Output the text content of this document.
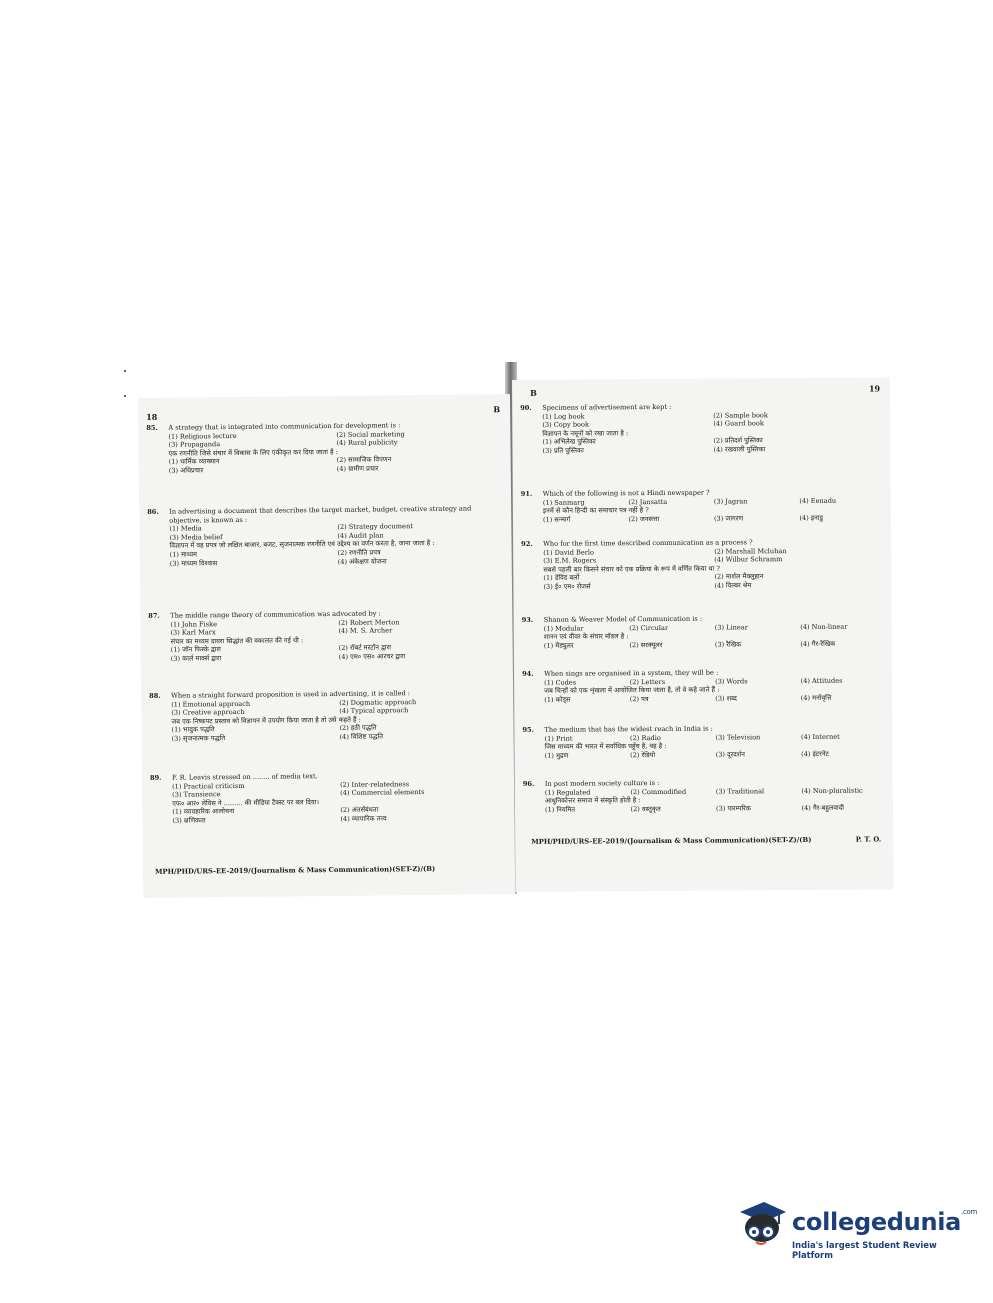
18
B
85.	A strategy that is integrated into communication for development is :
(1) Religious lecture	(2) Social marketing
(3) Propaganda	(4) Rural publicity
एक रणनीति जिसे संचार में विकास के लिए एकीकृत कर दिया जाता है :
(1) धार्मिक व्याख्यान	(2) सामाजिक विपणन
(3) अधिप्रचार	(4) ग्रामीण प्रचार
86.	In advertising a document that describes the target market, budget, creative strategy and objective, is known as :
(1) Media	(2) Strategy document
(3) Media belief	(4) Audit plan
विज्ञापन में वह प्रपत्र जो लक्षित बाजार, बजट, सृजनात्मक रणनीति एवं उद्देश्य का वर्णन करता है, जाना जाता है :
(1) माध्यम	(2) रणनीति प्रपत्र
(3) माध्यम विश्वास	(4) अंकेक्षण योजना
87.	The middle range theory of communication was advocated by :
(1) John Fiske	(2) Robert Merton
(3) Karl Marx	(4) M. S. Archer
संचार का मध्यम दायरा सिद्धांत की वकालत की गई थी :
(1) जॉन फिस्के द्वारा	(2) रॉबर्ट मरटॉन द्वारा
(3) कार्ल मार्क्स द्वारा	(4) एम० एस० आरचर द्वारा
88.	When a straight forward proposition is used in advertising, it is called :
(1) Emotional approach	(2) Dogmatic approach
(3) Creative approach	(4) Typical approach
जब एक निष्कपट प्रस्ताव को विज्ञापन में उपयोग किया जाता है तो उसे कहते हैं :
(1) भावुक पद्धति	(2) हठी पद्धति
(3) सृजनात्मक पद्धति	(4) विशिष्ट पद्धति
89.	F. R. Leavis stressed on ........ of media text.
(1) Practical criticism	(2) Inter-relatedness
(3) Transience	(4) Commercial elements
एफ० आर० लेविस ने ......... की मीडिया टैक्स्ट पर बल दिया।
(1) व्यावहारिक आलोचना	(2) अंतर्संबंधता
(3) क्षणिकता	(4) व्यापारिक तत्त्व
MPH/PHD/URS-EE-2019/(Journalism & Mass Communication)(SET-Z)/(B)
B	19
90.	Specimens of advertisement are kept :
(1) Log book	(2) Sample book
(3) Copy book	(4) Guard book
विज्ञापन के नमूनों को रखा जाता है :
(1) अभिलेख पुस्तिका	(2) प्रतिदर्श पुस्तिका
(3) प्रति पुस्तिका	(4) रखवाली पुस्तिका
91.	Which of the following is not a Hindi newspaper ?
(1) Sanmarg	(2) Jansatta	(3) Jagran	(4) Eenadu
इनमें से कौन हिन्दी का समाचार पत्र नहीं है ?
(1) सन्मार्ग	(2) जनसत्ता	(3) जागरण	(4) इनाडु
92.	Who for the first time described communication as a process ?
(1) David Berlo	(2) Marshall Mcluhan
(3) E.M. Rogers	(4) Wilbur Schramm
सबसे पहली बार किसने संचार को एक प्रक्रिया के रूप में वर्णित किया था ?
(1) डेविड बर्लो	(2) मार्शल मैक्लुहान
(3) ई० एम० रोजर्स	(4) विल्बर श्रेम
93.	Shanon & Weaver Model of Communication is :
(1) Modular	(2) Circular	(3) Linear	(4) Non-linear
शानन एवं वीवर के संचार मॉडल है :
(1) मैड्युलर	(2) सरक्यूलर	(3) रैखिक	(4) गैर-रैखिक
94.	When sings are organised in a system, they will be :
(1) Codes	(2) Letters	(3) Words	(4) Attitudes
जब चिन्हों को एक शृंखला में आयोजित किया जाता है, तो वे कहे जाते हैं :
(1) कोड्स	(2) पत्र	(3) शब्द	(4) मनोवृत्ति
95.	The medium that has the widest reach in India is :
(1) Print	(2) Radio	(3) Television	(4) Internet
जिस माध्यम की भारत में सर्वाधिक पहुँच है, वह है :
(1) मुद्रण	(2) रेडियो	(3) दूरदर्शन	(4) इंटरनेट
96.	In post modern society culture is :
(1) Regulated	(2) Commodified	(3) Traditional	(4) Non-pluralistic
आधुनिकोत्तर समाज में संस्कृति होती है :
(1) नियमित	(2) वस्तुकृत	(3) पारम्परिक	(4) गैर-बहुलवादी
MPH/PHD/URS-EE-2019/(Journalism & Mass Communication)(SET-Z)/(B)	P. T. O.
collegedunia$^{.com}$
India's largest Student Review Platform
